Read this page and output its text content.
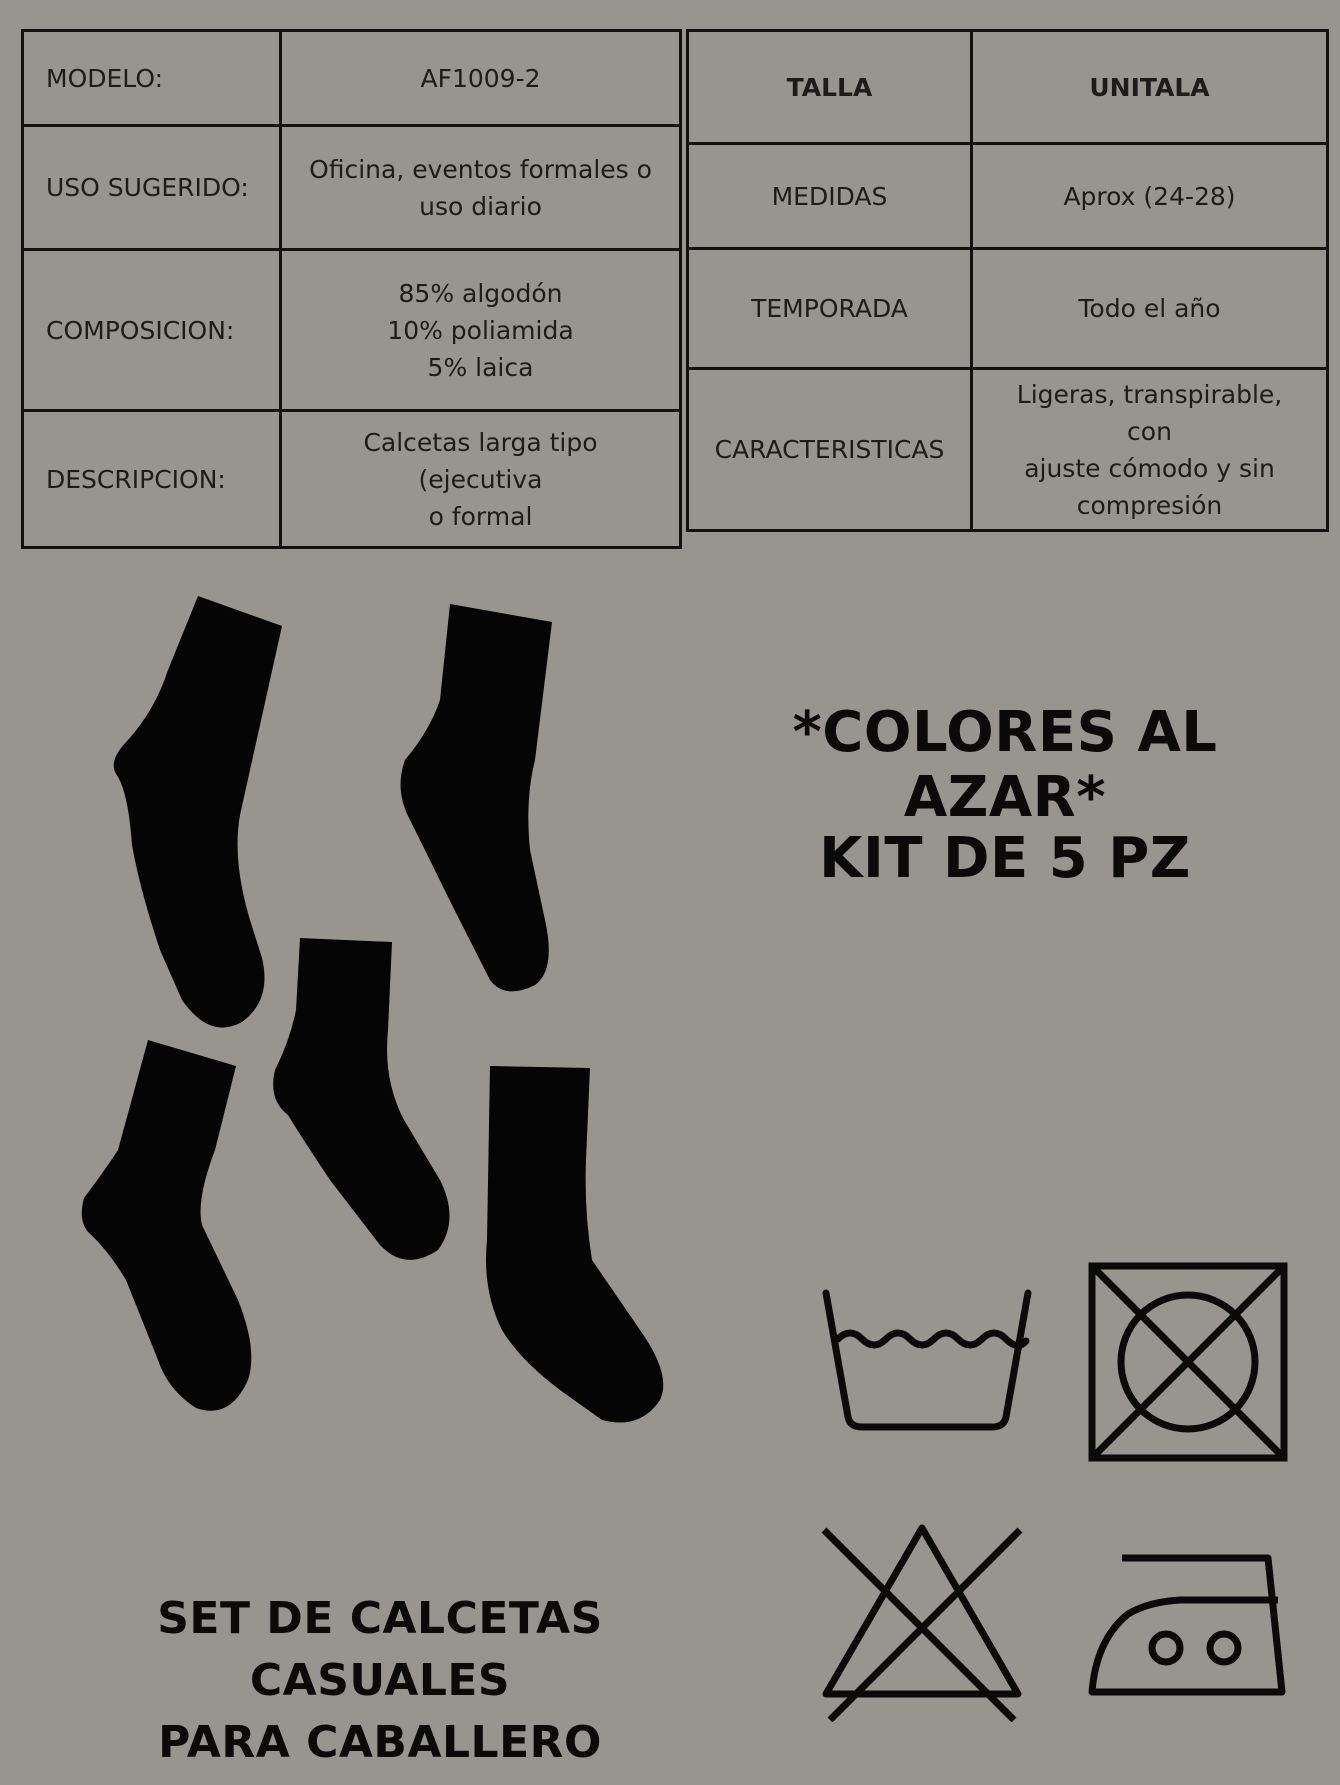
MODELO:	AF1009-2
USO SUGERIDO:	Oficina, eventos formales o
uso diario
COMPOSICION:	85% algodón
10% poliamida
5% laica
DESCRIPCION:	Calcetas larga tipo (ejecutiva
o formal
TALLA	UNITALA
MEDIDAS	Aprox (24-28)
TEMPORADA	Todo el año
CARACTERISTICAS	Ligeras, transpirable, con
ajuste cómodo y sin
compresión
*COLORES AL AZAR*
KIT DE 5 PZ
SET DE CALCETAS CASUALES
PARA CABALLERO
